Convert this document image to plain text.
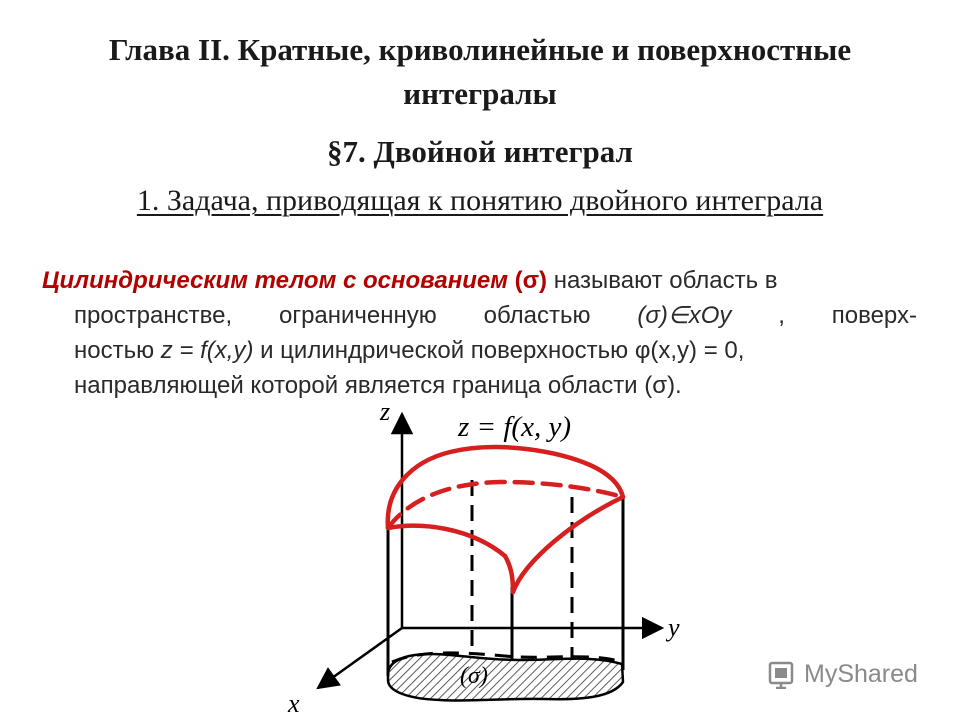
Глава II. Кратные, криволинейные и поверхностные
интегралы
§7. Двойной интеграл
1. Задача, приводящая к понятию двойного интеграла
Цилиндрическим телом с основанием (σ) называют область в
пространстве, ограниченную областью (σ)∈xOy , поверх-
ностью z = f(x,y) и цилиндрической поверхностью φ(x,y) = 0,
направляющей которой является граница области (σ).
z
y
x
z = f(x, y)
(σ)	MyShared
